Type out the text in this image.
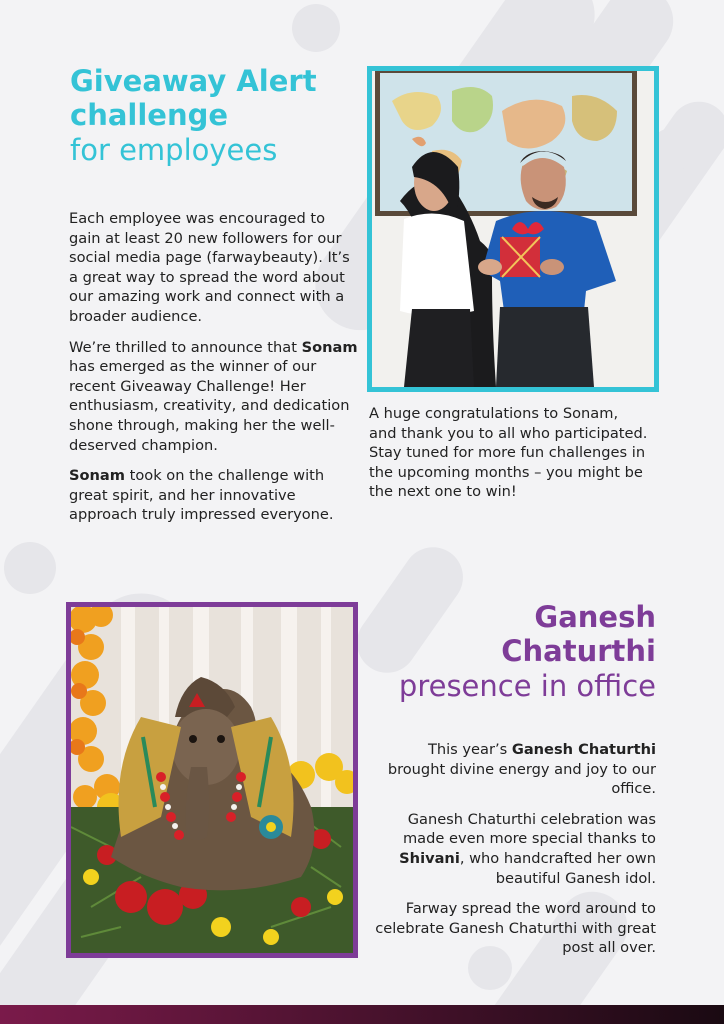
Giveaway Alert
challenge
for employees

Each employee was encouraged to gain at least 20 new followers for our social media page (farwaybeauty). It’s a great way to spread the word about our amazing work and connect with a broader audience.

We’re thrilled to announce that Sonam has emerged as the winner of our recent Giveaway Challenge! Her enthusiasm, creativity, and dedication shone through, making her the well-deserved champion.

Sonam took on the challenge with great spirit, and her innovative approach truly impressed everyone.

A huge congratulations to Sonam, and thank you to all who participated. Stay tuned for more fun challenges in the upcoming months – you might be the next one to win!

Ganesh
Chaturthi
presence in office

This year’s Ganesh Chaturthi brought divine energy and joy to our office.

Ganesh Chaturthi celebration was made even more special thanks to Shivani, who handcrafted her own beautiful Ganesh idol.

Farway spread the word around to celebrate Ganesh Chaturthi with great post all over.
